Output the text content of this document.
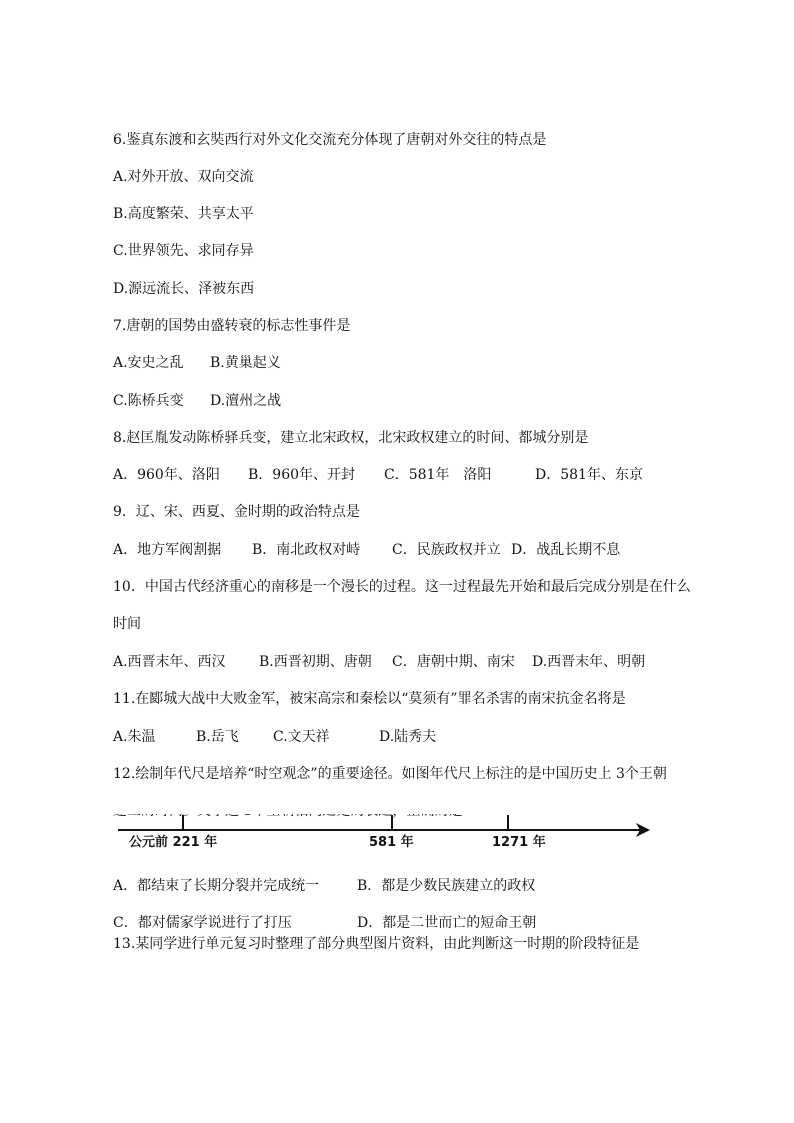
6.鉴真东渡和玄奘西行对外文化交流充分体现了唐朝对外交往的特点是
A.对外开放、双向交流
B.高度繁荣、共享太平
C.世界领先、求同存异
D.源远流长、泽被东西
7.唐朝的国势由盛转衰的标志性事件是
A.安史之乱 B.黄巢起义
C.陈桥兵变 D.澶州之战
8.赵匡胤发动陈桥驿兵变，建立北宋政权，北宋政权建立的时间、都城分别是
A．960年、洛阳 B．960年、开封 C．581年　洛阳	D．581年、东京
9．辽、宋、西夏、金时期的政治特点是
A．地方军阀割据 B．南北政权对峙 C．民族政权并立 D．战乱长期不息
10．中国古代经济重心的南移是一个漫长的过程。这一过程最先开始和最后完成分别是在什么
时间
A.西晋末年、西汉 B.西晋初期、唐朝 C．唐朝中期、南宋 D.西晋末年、明朝
11.在郾城大战中大败金军，被宋高宗和秦桧以“莫须有”罪名杀害的南宋抗金名将是
A.朱温	B.岳飞 C.文天祥	D.陆秀夫
12.绘制年代尺是培养“时空观念”的重要途径。如图年代尺上标注的是中国历史上 3个王朝
公元前 221 年	581 年	1271 年
A．都结束了长期分裂并完成统一	B．都是少数民族建立的政权
C．都对儒家学说进行了打压	D．都是二世而亡的短命王朝
13.某同学进行单元复习时整理了部分典型图片资料，由此判断这一时期的阶段特征是
